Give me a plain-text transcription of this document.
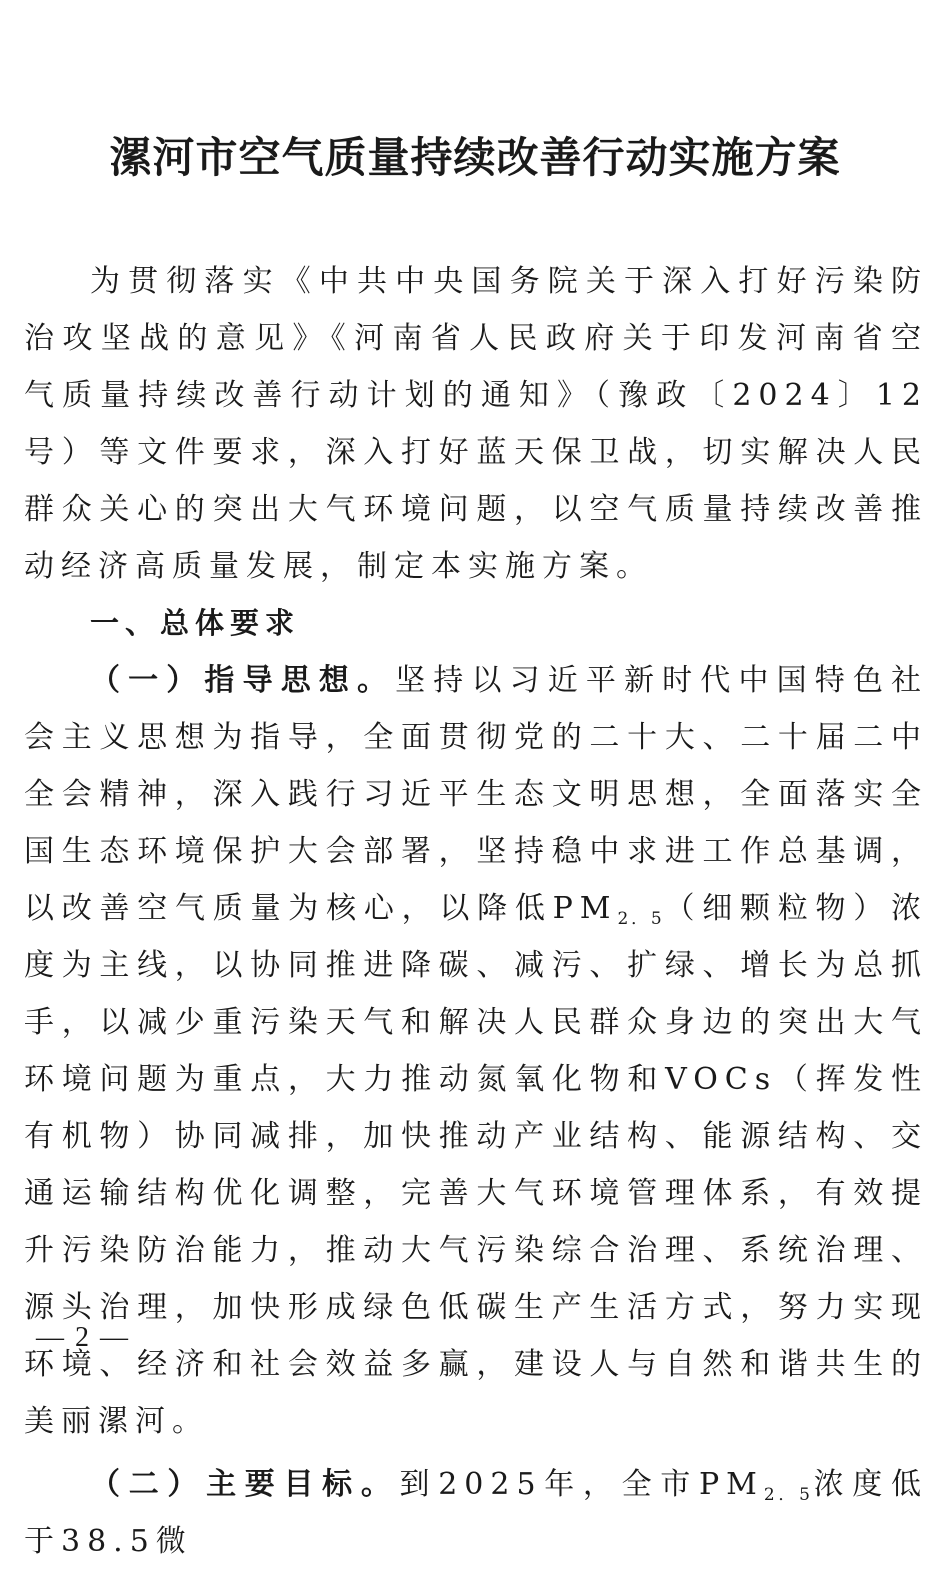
漯河市空气质量持续改善行动实施方案

为贯彻落实《中共中央国务院关于深入打好污染防治攻坚战的意见》《河南省人民政府关于印发河南省空气质量持续改善行动计划的通知》（豫政〔2024〕12号）等文件要求，深入打好蓝天保卫战，切实解决人民群众关心的突出大气环境问题，以空气质量持续改善推动经济高质量发展，制定本实施方案。

一、总体要求

（一）指导思想。坚持以习近平新时代中国特色社会主义思想为指导，全面贯彻党的二十大、二十届二中全会精神，深入践行习近平生态文明思想，全面落实全国生态环境保护大会部署，坚持稳中求进工作总基调，以改善空气质量为核心，以降低$PM_{2.5}$（细颗粒物）浓度为主线，以协同推进降碳、减污、扩绿、增长为总抓手，以减少重污染天气和解决人民群众身边的突出大气环境问题为重点，大力推动氮氧化物和VOCs（挥发性有机物）协同减排，加快推动产业结构、能源结构、交通运输结构优化调整，完善大气环境管理体系，有效提升污染防治能力，推动大气污染综合治理、系统治理、源头治理，加快形成绿色低碳生产生活方式，努力实现环境、经济和社会效益多赢，建设人与自然和谐共生的美丽漯河。

（二）主要目标。到2025年，全市$PM_{2.5}$浓度低于38.5微

— 2 —
